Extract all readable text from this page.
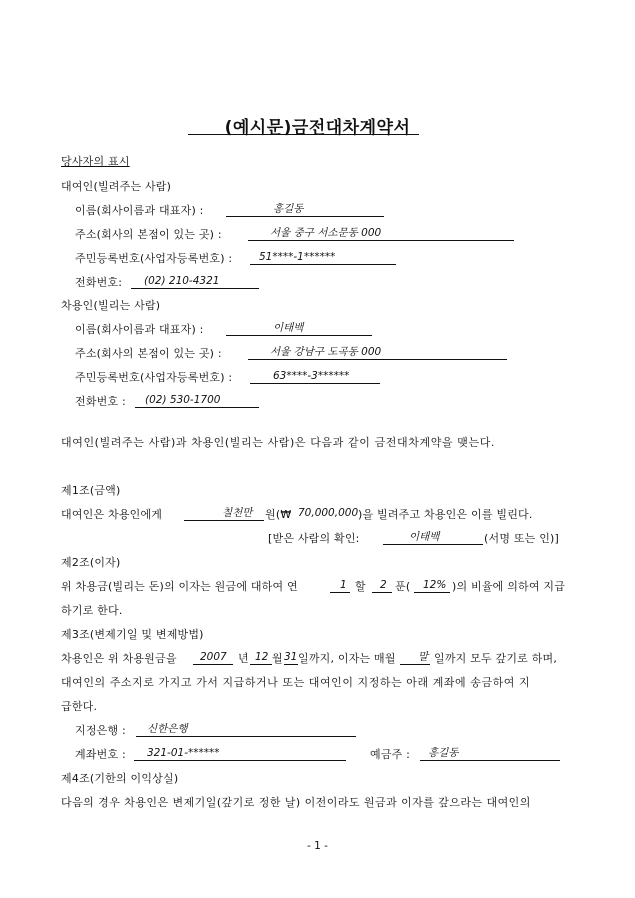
(예시문)금전대차계약서
당사자의 표시
대여인(빌려주는 사람)
이름(회사이름과 대표자) :	홍길동
주소(회사의 본점이 있는 곳) :	서울 중구 서소문동 000
주민등록번호(사업자등록번호) :	51****-1******
전화번호: (02) 210-4321
차용인(빌리는 사람)
이름(회사이름과 대표자) :	이태백
주소(회사의 본점이 있는 곳) :	서울 강남구 도곡동 000
주민등록번호(사업자등록번호) :	63****-3******
전화번호 : (02) 530-1700
대여인(빌려주는 사람)과 차용인(빌리는 사람)은 다음과 같이 금전대차계약을 맺는다.
제1조(금액)
대여인은 차용인에게	칠천만 원(₩ 70,000,000 )을 빌려주고 차용인은 이를 빌린다.
[받은 사람의 확인:	이태백	(서명 또는 인)]
제2조(이자)
위 차용금(빌리는 돈)의 이자는 원금에 대하여 연	1 할 2 푼( 12% )의 비율에 의하여 지급
하기로 한다.
제3조(변제기일 및 변제방법)
차용인은 위 차용원금을 2007 년 12 월 31 일까지, 이자는 매월 말 일까지 모두 갚기로 하며,
대여인의 주소지로 가지고 가서 지급하거나 또는 대여인이 지정하는 아래 계좌에 송금하여 지
급한다.
지정은행 : 신한은행
계좌번호 : 321-01-******	예금주 : 홍길동
제4조(기한의 이익상실)
다음의 경우 차용인은 변제기일(갚기로 정한 날) 이전이라도 원금과 이자를 갚으라는 대여인의
- 1 -
